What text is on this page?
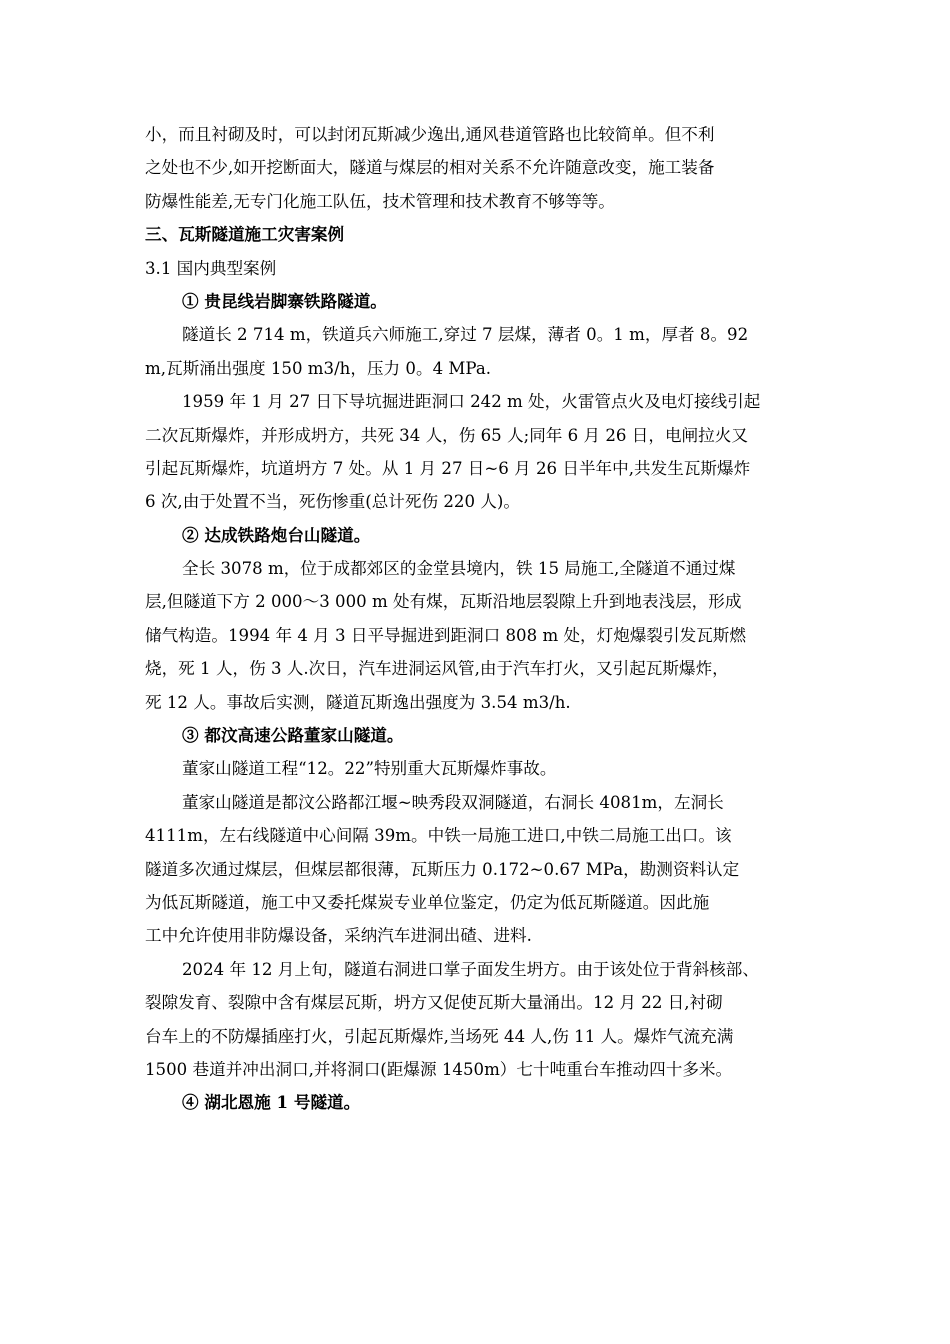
小，而且衬砌及时，可以封闭瓦斯减少逸出,通风巷道管路也比较简单。但不利
之处也不少,如开挖断面大，隧道与煤层的相对关系不允许随意改变，施工装备
防爆性能差,无专门化施工队伍，技术管理和技术教育不够等等。
三、瓦斯隧道施工灾害案例
3.1 国内典型案例
① 贵昆线岩脚寨铁路隧道。
隧道长 2 714 m，铁道兵六师施工,穿过 7 层煤，薄者 0。1 m，厚者 8。92
m,瓦斯涌出强度 150 m3/h，压力 0。4 MPa.
1959 年 1 月 27 日下导坑掘进距洞口 242 m 处，火雷管点火及电灯接线引起
二次瓦斯爆炸，并形成坍方，共死 34 人，伤 65 人;同年 6 月 26 日，电闸拉火又
引起瓦斯爆炸，坑道坍方 7 处。从 1 月 27 日~6 月 26 日半年中,共发生瓦斯爆炸
6 次,由于处置不当，死伤惨重(总计死伤 220 人)。
② 达成铁路炮台山隧道。
全长 3078 m，位于成都郊区的金堂县境内，铁 15 局施工,全隧道不通过煤
层,但隧道下方 2 000～3 000 m 处有煤，瓦斯沿地层裂隙上升到地表浅层，形成
储气构造。1994 年 4 月 3 日平导掘进到距洞口 808 m 处，灯炮爆裂引发瓦斯燃
烧，死 1 人，伤 3 人.次日，汽车进洞运风管,由于汽车打火，又引起瓦斯爆炸，
死 12 人。事故后实测，隧道瓦斯逸出强度为 3.54 m3/h.
③ 都汶高速公路董家山隧道。
董家山隧道工程“12。22”特别重大瓦斯爆炸事故。
董家山隧道是都汶公路都江堰~映秀段双洞隧道，右洞长 4081m，左洞长
4111m，左右线隧道中心间隔 39m。中铁一局施工进口,中铁二局施工出口。该
隧道多次通过煤层，但煤层都很薄，瓦斯压力 0.172~0.67 MPa，勘测资料认定
为低瓦斯隧道，施工中又委托煤炭专业单位鉴定，仍定为低瓦斯隧道。因此施
工中允许使用非防爆设备，采纳汽车进洞出碴、进料.
2024 年 12 月上旬，隧道右洞进口掌子面发生坍方。由于该处位于背斜核部、
裂隙发育、裂隙中含有煤层瓦斯，坍方又促使瓦斯大量涌出。12 月 22 日,衬砌
台车上的不防爆插座打火，引起瓦斯爆炸,当场死 44 人,伤 11 人。爆炸气流充满
1500 巷道并冲出洞口,并将洞口(距爆源 1450m）七十吨重台车推动四十多米。
④ 湖北恩施 1 号隧道。
